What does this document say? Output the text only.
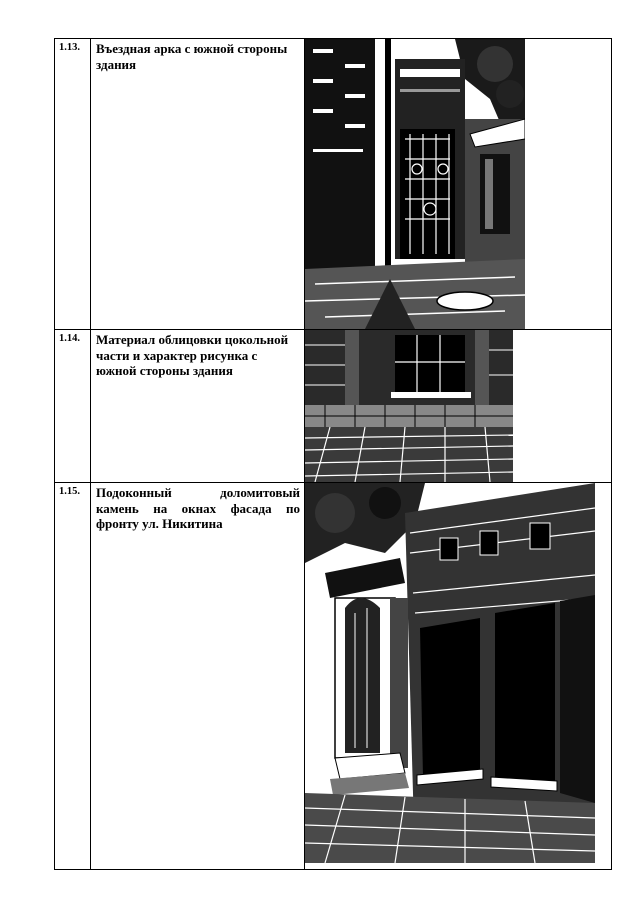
1.13.	Въездная арка с южной стороны здания

1.14.	Материал облицовки цокольной части и характер рисунка с южной стороны здания

1.15.	Подоконный доломитовый камень на окнах фасада по фронту ул. Никитина
